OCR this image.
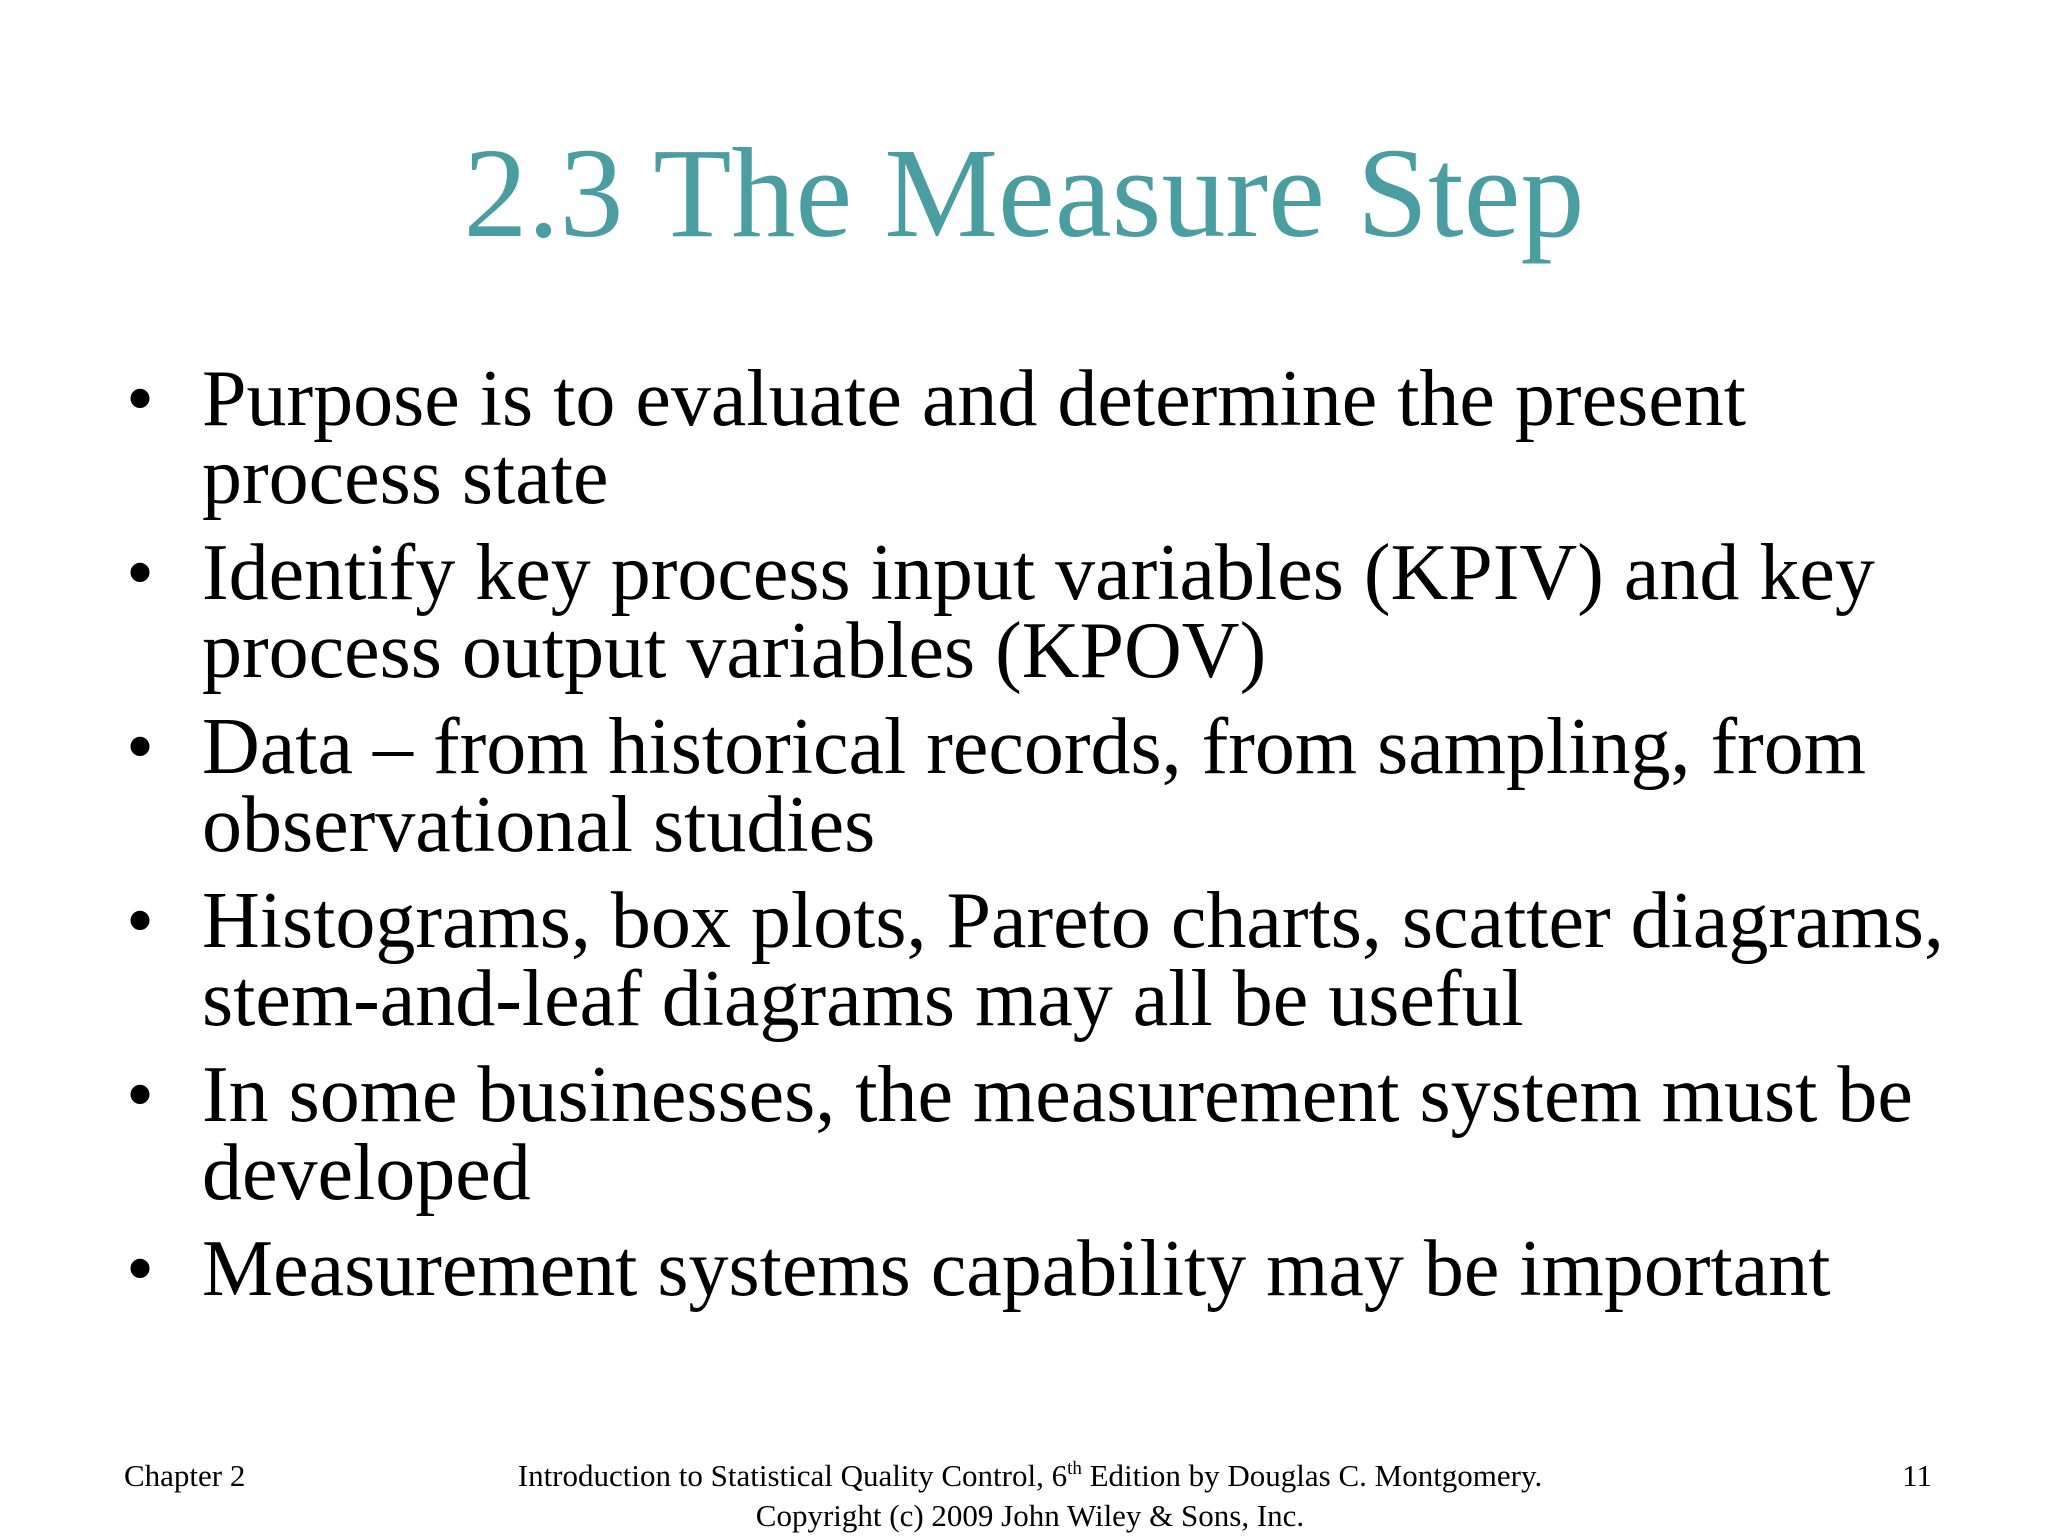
2.3 The Measure Step
• Purpose is to evaluate and determine the present process state
• Identify key process input variables (KPIV) and key process output variables (KPOV)
• Data – from historical records, from sampling, from observational studies
• Histograms, box plots, Pareto charts, scatter diagrams, stem-and-leaf diagrams may all be useful
• In some businesses, the measurement system must be developed
• Measurement systems capability may be important
Chapter 2	Introduction to Statistical Quality Control, 6th Edition by Douglas C. Montgomery.
Copyright (c) 2009 John Wiley & Sons, Inc.
11
